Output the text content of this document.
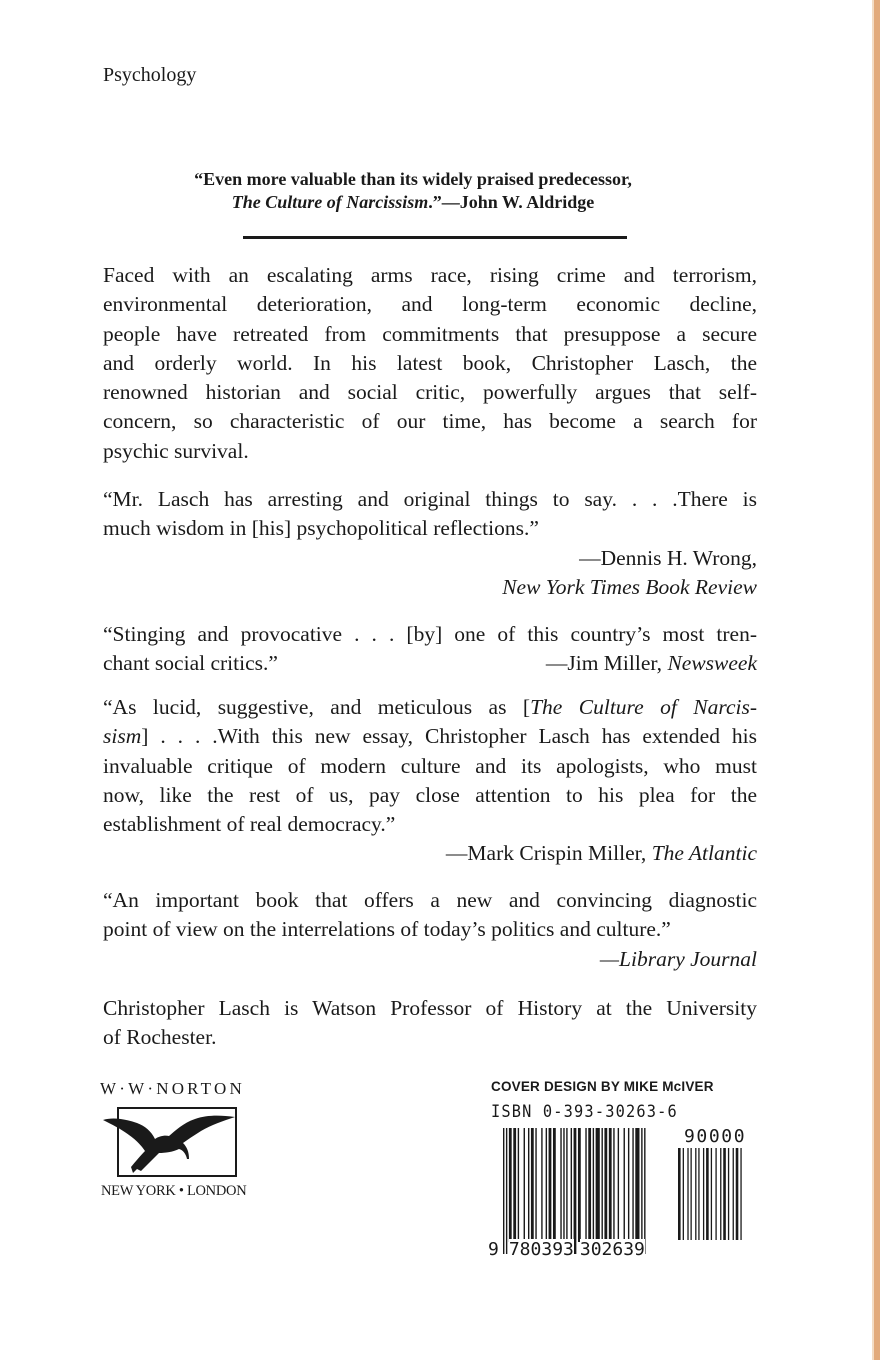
Psychology
“Even more valuable than its widely praised predecessor,
The Culture of Narcissism.”—John W. Aldridge
Faced with an escalating arms race, rising crime and terrorism,
environmental deterioration, and long-term economic decline,
people have retreated from commitments that presuppose a secure
and orderly world. In his latest book, Christopher Lasch, the
renowned historian and social critic, powerfully argues that self-
concern, so characteristic of our time, has become a search for
psychic survival.
“Mr. Lasch has arresting and original things to say. . . .There is
much wisdom in [his] psychopolitical reflections.”
—Dennis H. Wrong,
New York Times Book Review
“Stinging and provocative . . . [by] one of this country’s most tren-
chant social critics.”	—Jim Miller, Newsweek
“As lucid, suggestive, and meticulous as [The Culture of Narcis-
sism] . . . .With this new essay, Christopher Lasch has extended his
invaluable critique of modern culture and its apologists, who must
now, like the rest of us, pay close attention to his plea for the
establishment of real democracy.”
—Mark Crispin Miller, The Atlantic
“An important book that offers a new and convincing diagnostic
point of view on the interrelations of today’s politics and culture.”
—Library Journal
Christopher Lasch is Watson Professor of History at the University
of Rochester.
W·W·NORTON
NEW YORK • LONDON
COVER DESIGN BY MIKE McIVER
ISBN 0-393-30263-6
90000
9 780393 302639
